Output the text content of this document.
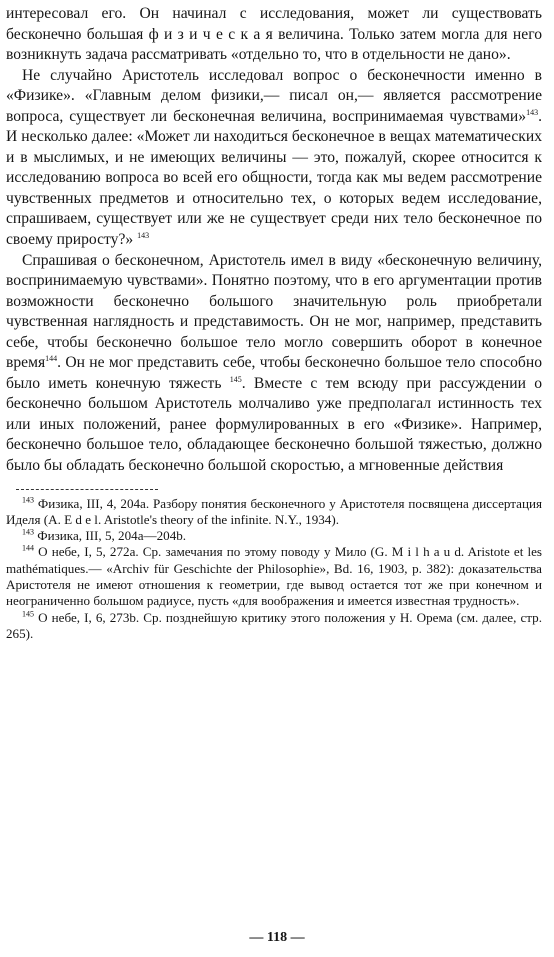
интересовал его. Он начинал с исследования, может ли существовать бесконечно большая ф и з и ч е с к а я величина. Только затем могла для него возникнуть задача рассматривать «отдельно то, что в отдельности не дано».

Не случайно Аристотель исследовал вопрос о бесконечности именно в «Физике». «Главным делом физики,— писал он,— является рассмотрение вопроса, существует ли бесконечная величина, воспринимаемая чувствами»$^{143}$. И несколько далее: «Может ли находиться бесконечное в вещах математических и в мыслимых, и не имеющих величины — это, пожалуй, скорее относится к исследованию вопроса во всей его общности, тогда как мы ведем рассмотрение чувственных предметов и относительно тех, о которых ведем исследование, спрашиваем, существует или же не существует среди них тело бесконечное по своему приросту?» $^{143}$

Спрашивая о бесконечном, Аристотель имел в виду «бесконечную величину, воспринимаемую чувствами». Понятно поэтому, что в его аргументации против возможности бесконечно большого значительную роль приобретали чувственная наглядность и представимость. Он не мог, например, представить себе, чтобы бесконечно большое тело могло совершить оборот в конечное время$^{144}$. Он не мог представить себе, чтобы бесконечно большое тело способно было иметь конечную тяжесть $^{145}$. Вместе с тем всюду при рассуждении о бесконечно большом Аристотель молчаливо уже предполагал истинность тех или иных положений, ранее формулированных в его «Физике». Например, бесконечно большое тело, обладающее бесконечно большой тяжестью, должно было бы обладать бесконечно большой скоростью, а мгновенные действия

$^{143}$ Физика, III, 4, 204a. Разбору понятия бесконечного у Аристотеля посвящена диссертация Иделя (A. E d e l. Aristotle's theory of the infinite. N.Y., 1934).

$^{143}$ Физика, III, 5, 204a—204b.

$^{144}$ О небе, I, 5, 272a. Ср. замечания по этому поводу у Мило (G. M i l h a u d. Aristote et les mathématiques.— «Archiv für Geschichte der Philosophie», Bd. 16, 1903, p. 382): доказательства Аристотеля не имеют отношения к геометрии, где вывод остается тот же при конечном и неограниченно большом радиусе, пусть «для воображения и имеется известная трудность».

$^{145}$ О небе, I, 6, 273b. Ср. позднейшую критику этого положения у Н. Орема (см. далее, стр. 265).

— 118 —
